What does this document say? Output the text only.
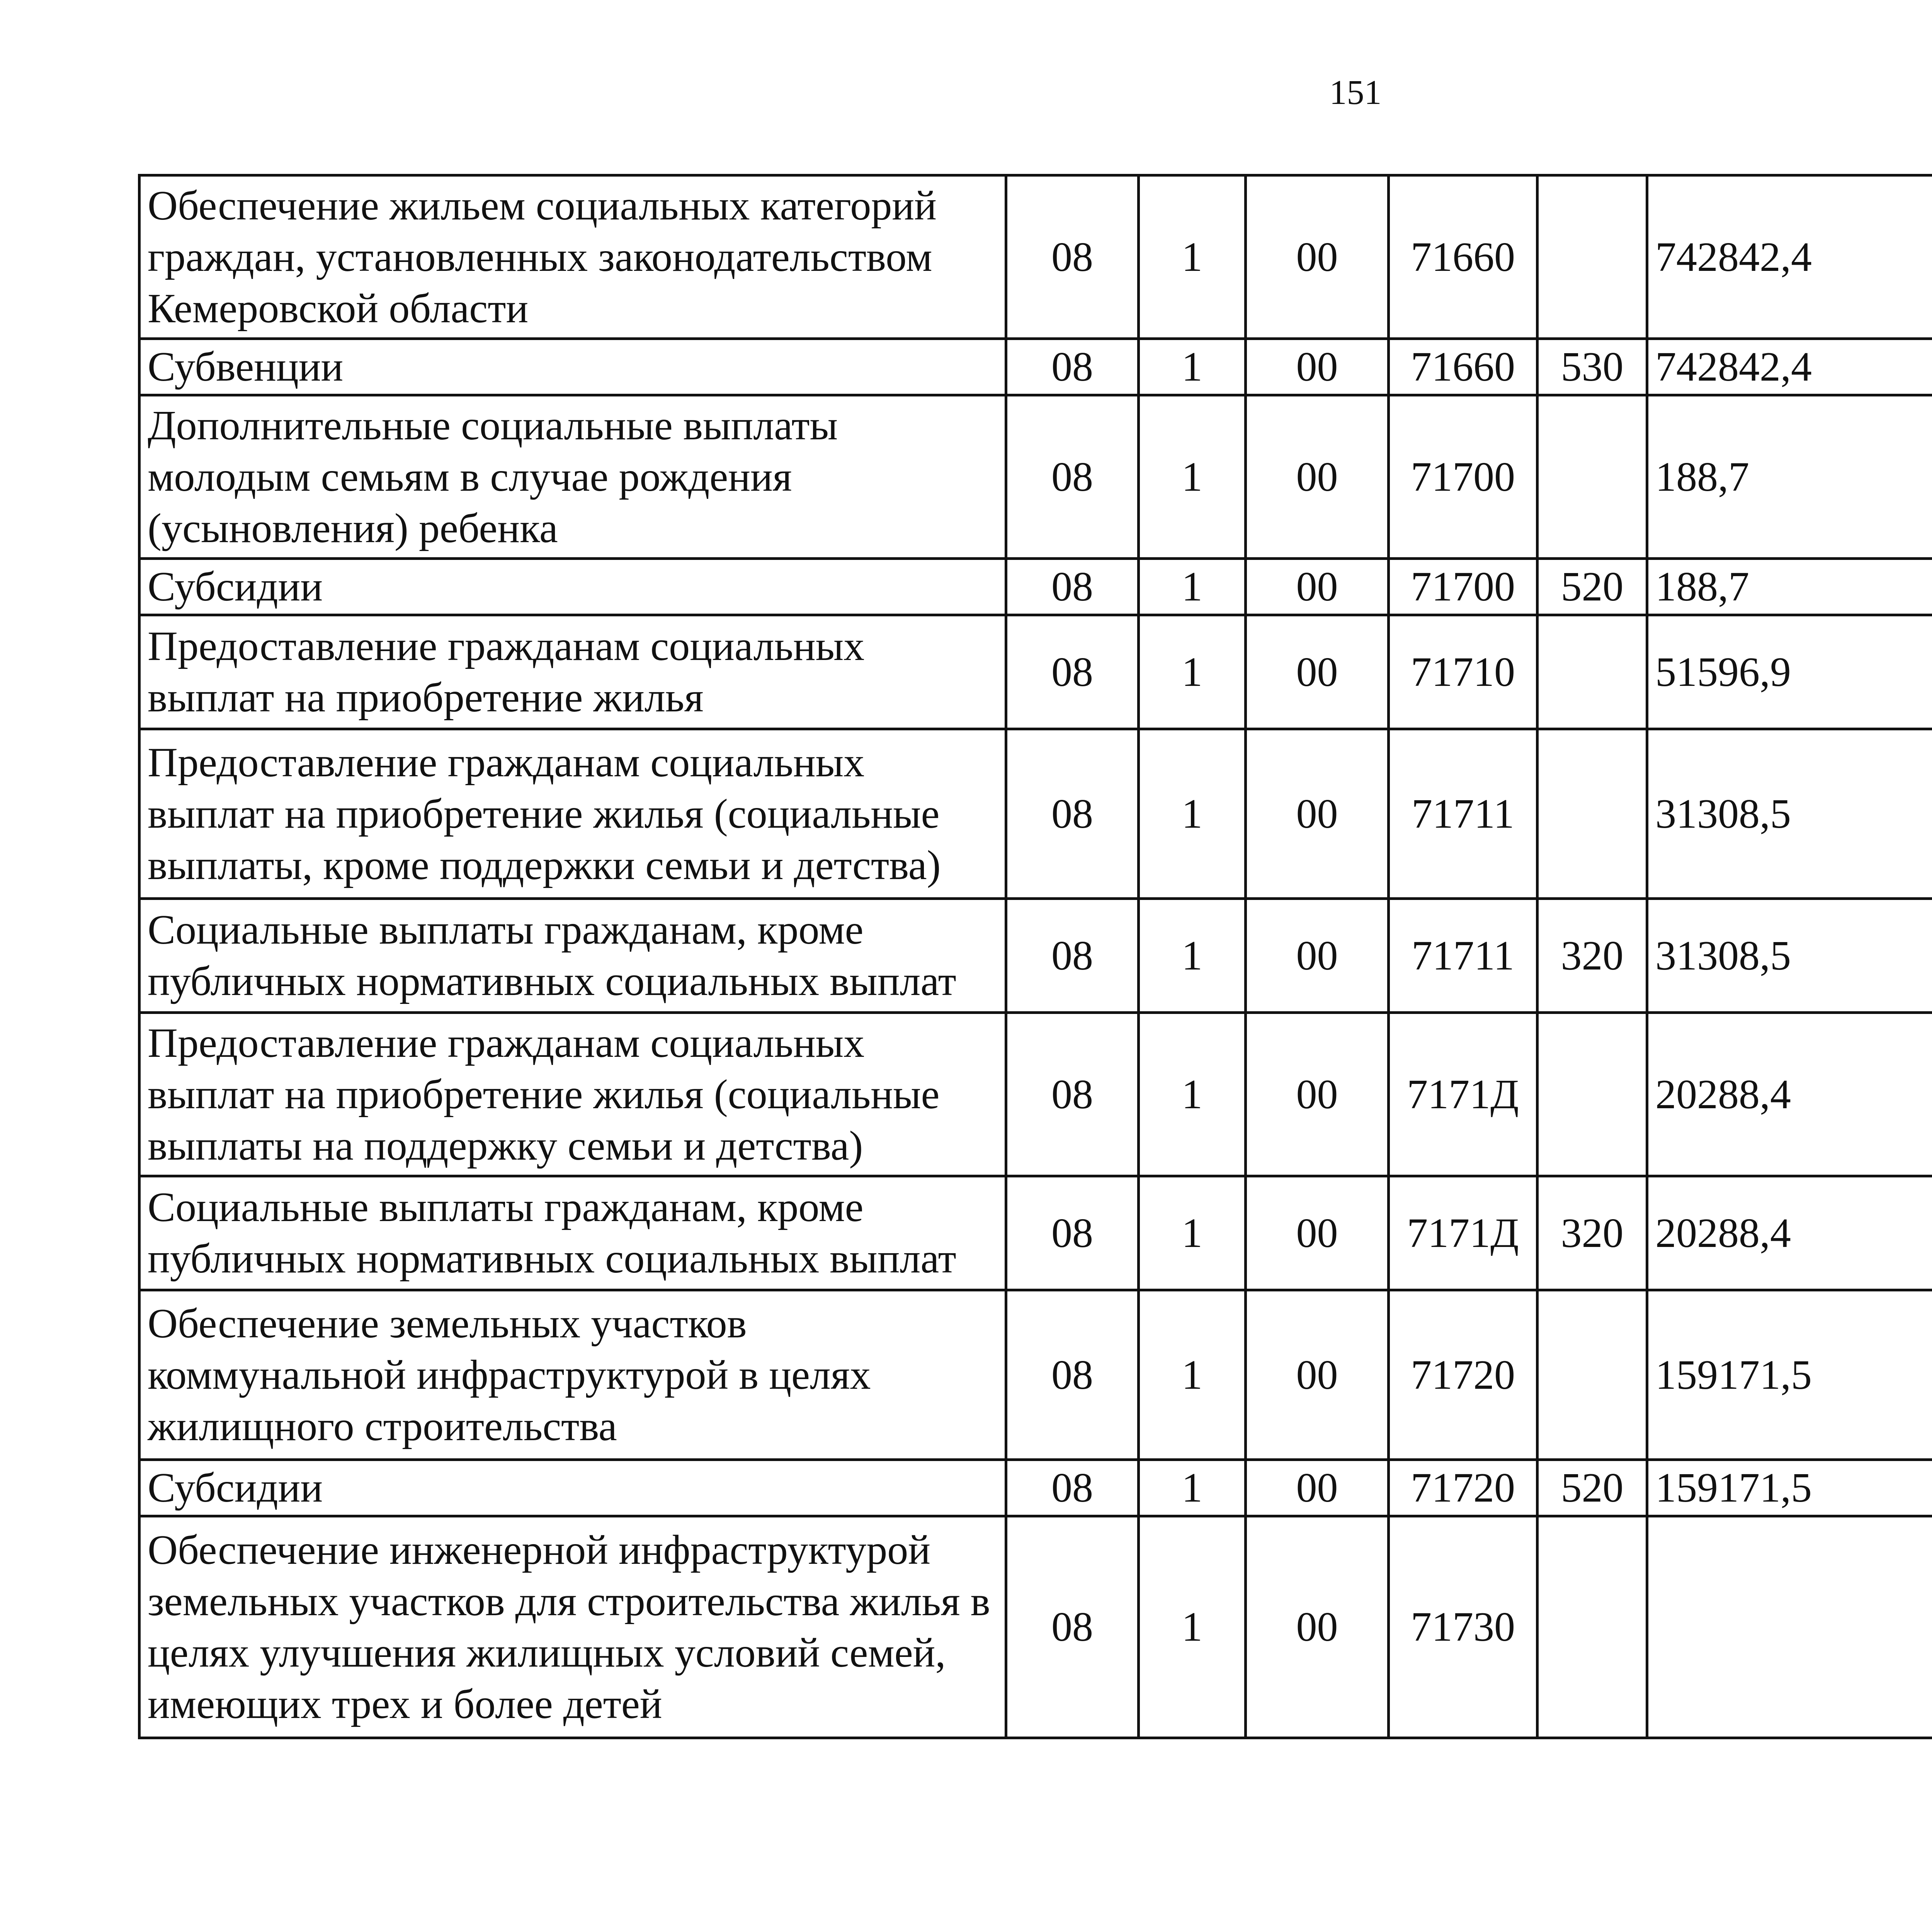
151
Обеспечение жильем социальных категорий граждан, установленных законодательством Кемеровской области	08	1	00	71660		742842,4		
Субвенции	08	1	00	71660	530	742842,4		
Дополнительные социальные выплаты молодым семьям в случае рождения (усыновления) ребенка	08	1	00	71700		188,7		
Субсидии	08	1	00	71700	520	188,7		
Предоставление гражданам социальных выплат на приобретение жилья	08	1	00	71710		51596,9		
Предоставление гражданам социальных выплат на приобретение жилья (социальные выплаты, кроме поддержки семьи и детства)	08	1	00	71711		31308,5		
Социальные выплаты гражданам, кроме публичных нормативных социальных выплат	08	1	00	71711	320	31308,5		
Предоставление гражданам социальных выплат на приобретение жилья (социальные выплаты на поддержку семьи и детства)	08	1	00	7171Д		20288,4		
Социальные выплаты гражданам, кроме публичных нормативных социальных выплат	08	1	00	7171Д	320	20288,4		
Обеспечение земельных участков коммунальной инфраструктурой в целях жилищного строительства	08	1	00	71720		159171,5		
Субсидии	08	1	00	71720	520	159171,5		
Обеспечение инженерной инфраструктурой земельных участков для строительства жилья в целях улучшения жилищных условий семей, имеющих трех и более детей	08	1	00	71730				
